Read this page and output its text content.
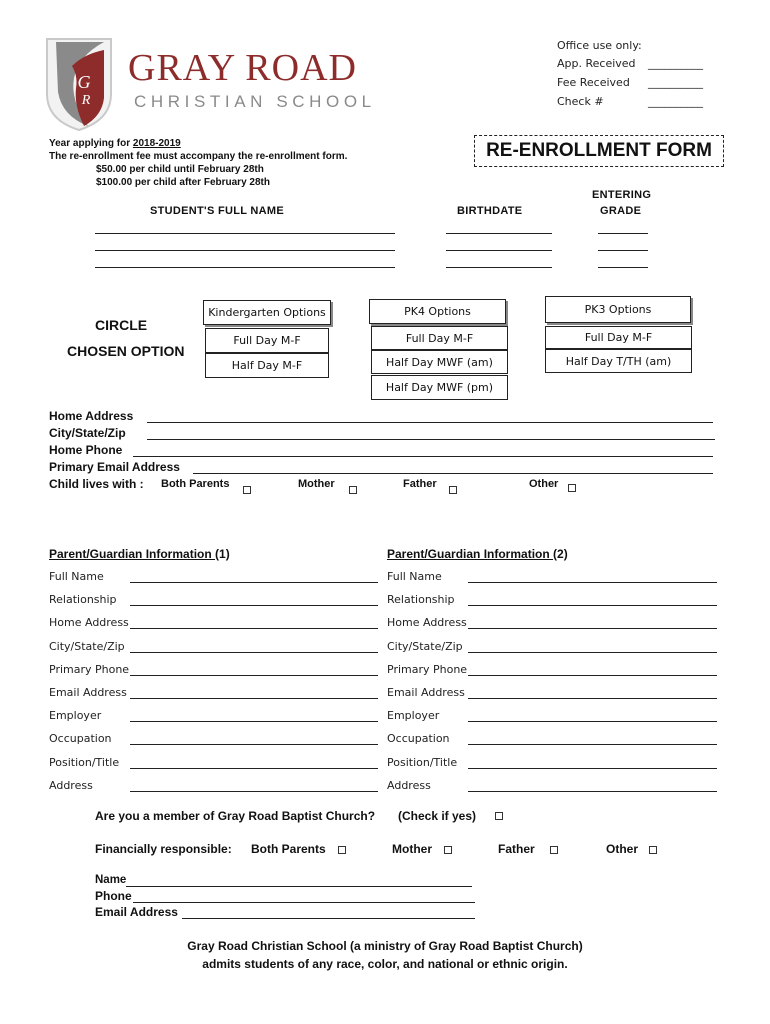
G
R
GRAY ROAD
CHRISTIAN SCHOOL
Office use only:
App. Received __________
Fee Received __________
Check #	__________
Year applying for 2018-2019
The re-enrollment fee must accompany the re-enrollment form.
$50.00 per child until February 28th
$100.00 per child after February 28th
RE-ENROLLMENT FORM
STUDENT'S FULL NAME	BIRTHDATE
ENTERING
GRADE
CIRCLE
CHOSEN OPTION
Kindergarten Options
Full Day M-F
Half Day M-F
PK4 Options
Full Day M-F
Half Day MWF (am)
Half Day MWF (pm)
PK3 Options
Full Day M-F
Half Day T/TH (am)
Home Address
City/State/Zip
Home Phone
Primary Email Address
Child lives with : Both Parents	Mother	Father	Other
Parent/Guardian Information (1)	Parent/Guardian Information (2)
Full Name	Full Name
Relationship	Relationship
Home Address	Home Address
City/State/Zip	City/State/Zip
Primary Phone	Primary Phone
Email Address	Email Address
Employer	Employer
Occupation	Occupation
Position/Title	Position/Title
Address	Address
Are you a member of Gray Road Baptist Church? (Check if yes)
Financially responsible: Both Parents	Mother	Father	Other
Name
Phone
Email Address
Gray Road Christian School (a ministry of Gray Road Baptist Church)
admits students of any race, color, and national or ethnic origin.
